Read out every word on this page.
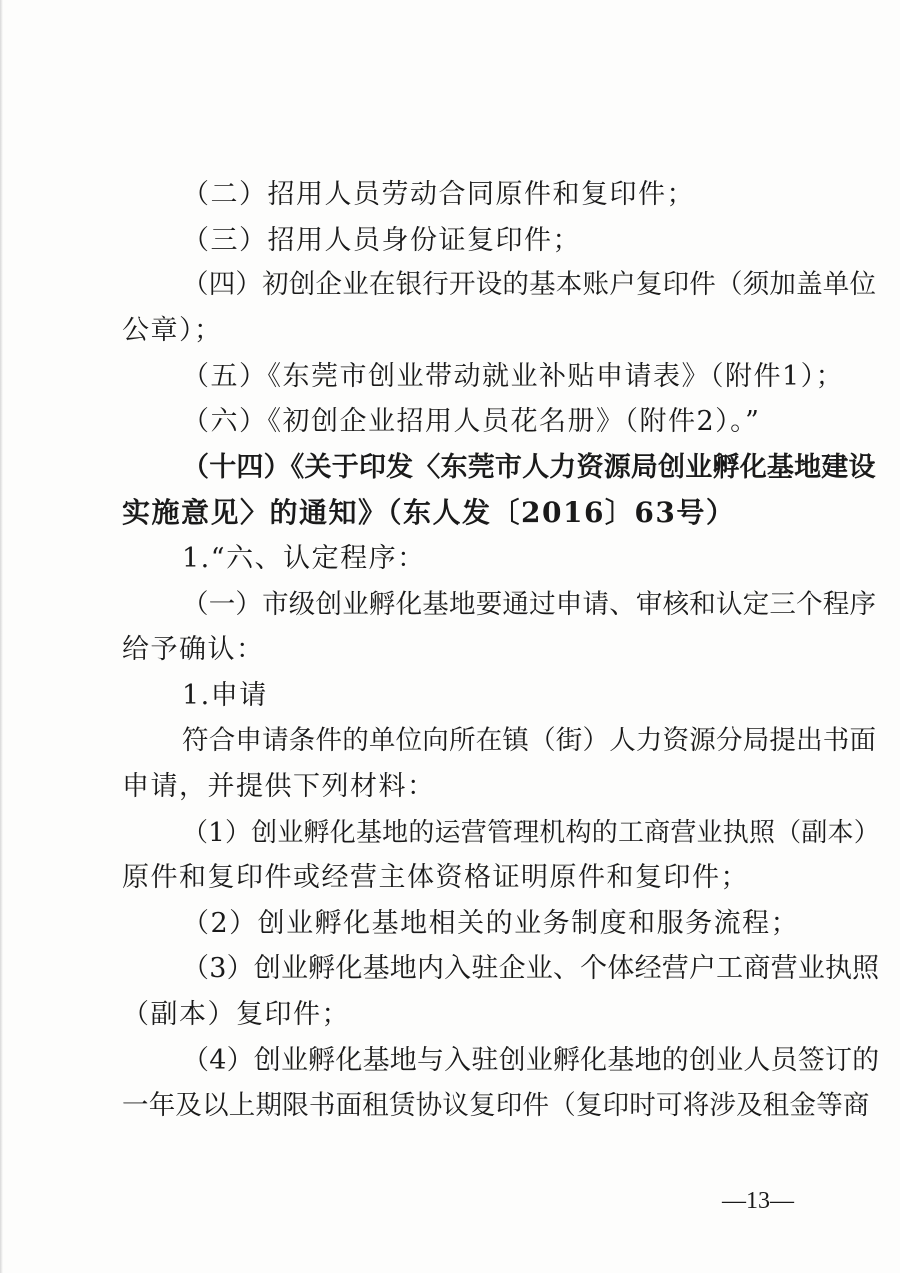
（二）招用人员劳动合同原件和复印件；
（三）招用人员身份证复印件；
（四）初创企业在银行开设的基本账户复印件（须加盖单位
公章）；
（五）《东莞市创业带动就业补贴申请表》（附件1）；
（六）《初创企业招用人员花名册》（附件2）。”
（十四）《关于印发〈东莞市人力资源局创业孵化基地建设
实施意见〉的通知》（东人发〔2016〕63号）
1.“六、认定程序：
（一）市级创业孵化基地要通过申请、审核和认定三个程序
给予确认：
1.申请
符合申请条件的单位向所在镇（街）人力资源分局提出书面
申请，并提供下列材料：
（1）创业孵化基地的运营管理机构的工商营业执照（副本）
原件和复印件或经营主体资格证明原件和复印件；
（2）创业孵化基地相关的业务制度和服务流程；
（3）创业孵化基地内入驻企业、个体经营户工商营业执照
（副本）复印件；
（4）创业孵化基地与入驻创业孵化基地的创业人员签订的
一年及以上期限书面租赁协议复印件（复印时可将涉及租金等商
—13—
